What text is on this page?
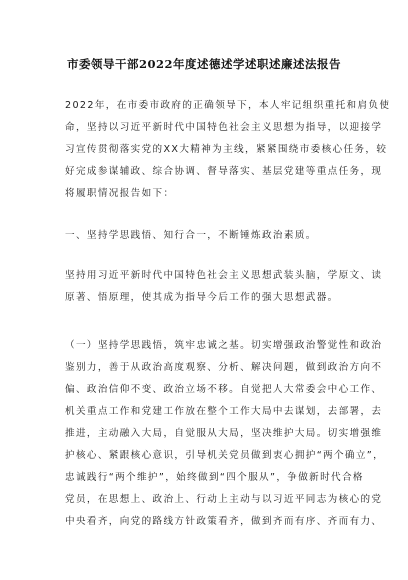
市委领导干部2022年度述德述学述职述廉述法报告
2022年，在市委市政府的正确领导下，本人牢记组织重托和肩负使
命，坚持以习近平新时代中国特色社会主义思想为指导，以迎接学
习宣传贯彻落实党的XX大精神为主线，紧紧围绕市委核心任务，较
好完成参谋辅政、综合协调、督导落实、基层党建等重点任务，现
将履职情况报告如下：
一、坚持学思践悟、知行合一，不断锤炼政治素质。
坚持用习近平新时代中国特色社会主义思想武装头脑，学原文、读
原著、悟原理，使其成为指导今后工作的强大思想武器。
（一）坚持学思践悟，筑牢忠诚之基。切实增强政治警觉性和政治
鉴别力，善于从政治高度观察、分析、解决问题，做到政治方向不
偏、政治信仰不变、政治立场不移。自觉把人大常委会中心工作、
机关重点工作和党建工作放在整个工作大局中去谋划，去部署，去
推进，主动融入大局，自觉服从大局，坚决维护大局。切实增强维
护核心、紧跟核心意识，引导机关党员做到衷心拥护“两个确立”，
忠诚践行“两个维护”，始终做到“四个服从”，争做新时代合格
党员，在思想上、政治上、行动上主动与以习近平同志为核心的党
中央看齐，向党的路线方针政策看齐，做到齐而有序、齐而有力、
